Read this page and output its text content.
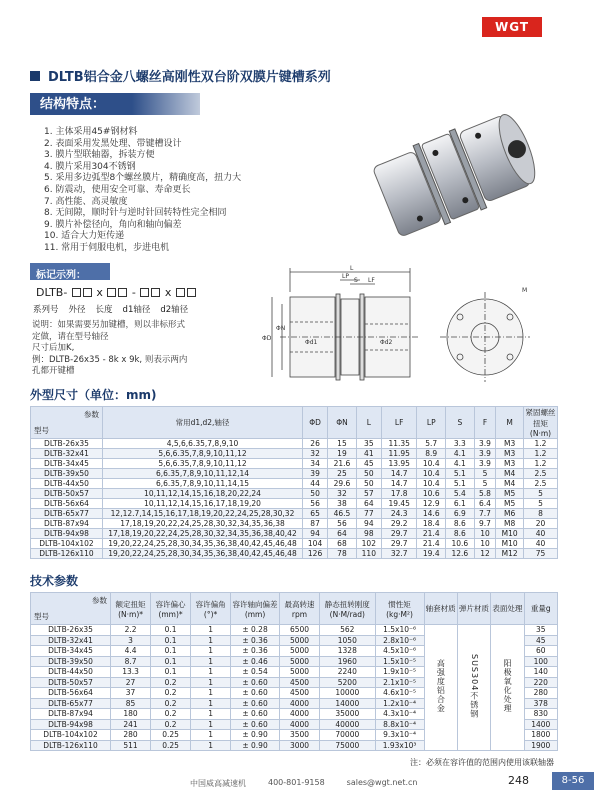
WGT
DLTB铝合金八螺丝高刚性双台阶双膜片键槽系列
结构特点：
1. 主体采用45#钢材料
2. 表面采用发黑处理、带键槽设计
3. 膜片型联轴器，拆装方便
4. 膜片采用304不锈钢
5. 采用多边弧型8个螺丝膜片，精确度高，扭力大
6. 防震动，使用安全可靠、寿命更长
7. 高性能、高灵敏度
8. 无间隙，顺时针与逆时针回转特性完全相同
9. 膜片补偿径向，角向和轴向偏差
10. 适合大力矩传递
11. 常用于伺服电机，步进电机
标记示列：
DLTB-	x	-	x
系列号 外径 长度 d1轴径 d2轴径

说明：如果需要另加键槽，则以非标形式

定做，请在型号轴径

尺寸后加K,

例：DLTB-26x35 - 8k x 9k, 则表示两内

孔都开键槽

L
LP
S LF
ΦD
ΦN
Φd1	Φd2
M
外型尺寸（单位：mm)
参数
型号	常用d1,d2,轴径	ΦD	ΦN	L	LF	LP	S	F	M	紧固螺丝扭矩(N·m)
DLTB-26x35	4,5,6,6.35,7,8,9,10	26	15	35	11.35	5.7	3.3	3.9	M3	1.2
DLTB-32x41	5,6,6.35,7,8,9,10,11,12	32	19	41	11.95	8.9	4.1	3.9	M3	1.2
DLTB-34x45	5,6,6.35,7,8,9,10,11,12	34	21.6	45	13.95	10.4	4.1	3.9	M3	1.2
DLTB-39x50	6,6.35,7,8,9,10,11,12,14	39	25	50	14.7	10.4	5.1	5	M4	2.5
DLTB-44x50	6,6.35,7,8,9,10,11,14,15	44	29.6	50	14.7	10.4	5.1	5	M4	2.5
DLTB-50x57	10,11,12,14,15,16,18,20,22,24	50	32	57	17.8	10.6	5.4	5.8	M5	5
DLTB-56x64	10,11,12,14,15,16,17,18,19,20	56	38	64	19.45	12.9	6.1	6.4	M5	5
DLTB-65x77	12,12.7,14,15,16,17,18,19,20,22,24,25,28,30,32	65	46.5	77	24.3	14.6	6.9	7.7	M6	8
DLTB-87x94	17,18,19,20,22,24,25,28,30,32,34,35,36,38	87	56	94	29.2	18.4	8.6	9.7	M8	20
DLTB-94x98	17,18,19,20,22,24,25,28,30,32,34,35,36,38,40,42	94	64	98	29.7	21.4	8.6	10	M10	40
DLTB-104x102	19,20,22,24,25,28,30,34,35,36,38,40,42,45,46,48	104	68	102	29.7	21.4	10.6	10	M10	40
DLTB-126x110	19,20,22,24,25,28,30,34,35,36,38,40,42,45,46,48	126	78	110	32.7	19.4	12.6	12	M12	75
技术参数
参数
型号	额定扭矩(N·m)*	容许偏心(mm)*	容许偏角(°)*	容许轴向偏差(mm)	最高转速rpm	静态扭转刚度(N·M/rad)	惯性矩(kg·M²)	轴套材质	弹片材质	表面处理	重量g
DLTB-26x35	2.2	0.1	1	± 0.28	6500	562	1.5x10⁻⁶	高强度铝合金	SUS304不锈钢	阳极氧化处理	35
DLTB-32x41	3	0.1	1	± 0.36	5000	1050	2.8x10⁻⁶				45
DLTB-34x45	4.4	0.1	1	± 0.36	5000	1328	4.5x10⁻⁶				60
DLTB-39x50	8.7	0.1	1	± 0.46	5000	1960	1.5x10⁻⁵				100
DLTB-44x50	13.3	0.1	1	± 0.54	5000	2240	1.9x10⁻⁵				140
DLTB-50x57	27	0.2	1	± 0.60	4500	5200	2.1x10⁻⁵				220
DLTB-56x64	37	0.2	1	± 0.60	4500	10000	4.6x10⁻⁵				280
DLTB-65x77	85	0.2	1	± 0.60	4000	14000	1.2x10⁻⁴				378
DLTB-87x94	180	0.2	1	± 0.60	4000	35000	4.3x10⁻⁴				830
DLTB-94x98	241	0.2	1	± 0.60	4000	40000	8.8x10⁻⁴				1400
DLTB-104x102	280	0.25	1	± 0.90	3500	70000	9.3x10⁻⁴				1800
DLTB-126x110	511	0.25	1	± 0.90	3000	75000	1.93x10³				1900
注：必须在容许值的范围内使用该联轴器
中国威高减速机	400-801-9158	sales@wgt.net.cn	248	8-56
